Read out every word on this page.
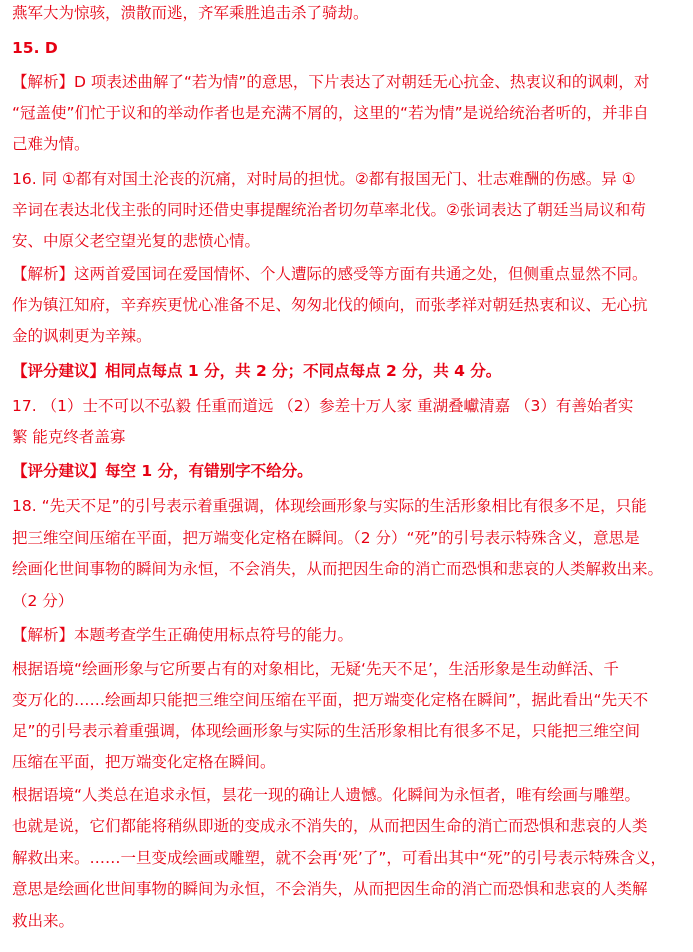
燕军大为惊骇，溃散而逃，齐军乘胜追击杀了骑劫。
15. D
【解析】D 项表述曲解了“若为情”的意思，下片表达了对朝廷无心抗金、热衷议和的讽刺，对
“冠盖使”们忙于议和的举动作者也是充满不屑的，这里的“若为情”是说给统治者听的，并非自
己难为情。
16. 同 ①都有对国土沦丧的沉痛，对时局的担忧。②都有报国无门、壮志难酬的伤感。异 ①
辛词在表达北伐主张的同时还借史事提醒统治者切勿草率北伐。②张词表达了朝廷当局议和苟
安、中原父老空望光复的悲愤心情。
【解析】这两首爱国词在爱国情怀、个人遭际的感受等方面有共通之处，但侧重点显然不同。
作为镇江知府，辛弃疾更忧心准备不足、匆匆北伐的倾向，而张孝祥对朝廷热衷和议、无心抗
金的讽刺更为辛辣。
【评分建议】相同点每点 1 分，共 2 分；不同点每点 2 分，共 4 分。
17. （1）士不可以不弘毅 任重而道远 （2）参差十万人家 重湖叠巘清嘉 （3）有善始者实
繁 能克终者盖寡
【评分建议】每空 1 分，有错别字不给分。
18. “先天不足”的引号表示着重强调，体现绘画形象与实际的生活形象相比有很多不足，只能
把三维空间压缩在平面，把万端变化定格在瞬间。（2 分）“死”的引号表示特殊含义，意思是
绘画化世间事物的瞬间为永恒，不会消失，从而把因生命的消亡而恐惧和悲哀的人类解救出来。
（2 分）
【解析】本题考查学生正确使用标点符号的能力。
根据语境“绘画形象与它所要占有的对象相比，无疑‘先天不足’，生活形象是生动鲜活、千
变万化的……绘画却只能把三维空间压缩在平面，把万端变化定格在瞬间”，据此看出“先天不
足”的引号表示着重强调，体现绘画形象与实际的生活形象相比有很多不足，只能把三维空间
压缩在平面，把万端变化定格在瞬间。
根据语境“人类总在追求永恒，昙花一现的确让人遗憾。化瞬间为永恒者，唯有绘画与雕塑。
也就是说，它们都能将稍纵即逝的变成永不消失的，从而把因生命的消亡而恐惧和悲哀的人类
解救出来。……一旦变成绘画或雕塑，就不会再‘死’了”，可看出其中“死”的引号表示特殊含义，
意思是绘画化世间事物的瞬间为永恒，不会消失，从而把因生命的消亡而恐惧和悲哀的人类解
救出来。
